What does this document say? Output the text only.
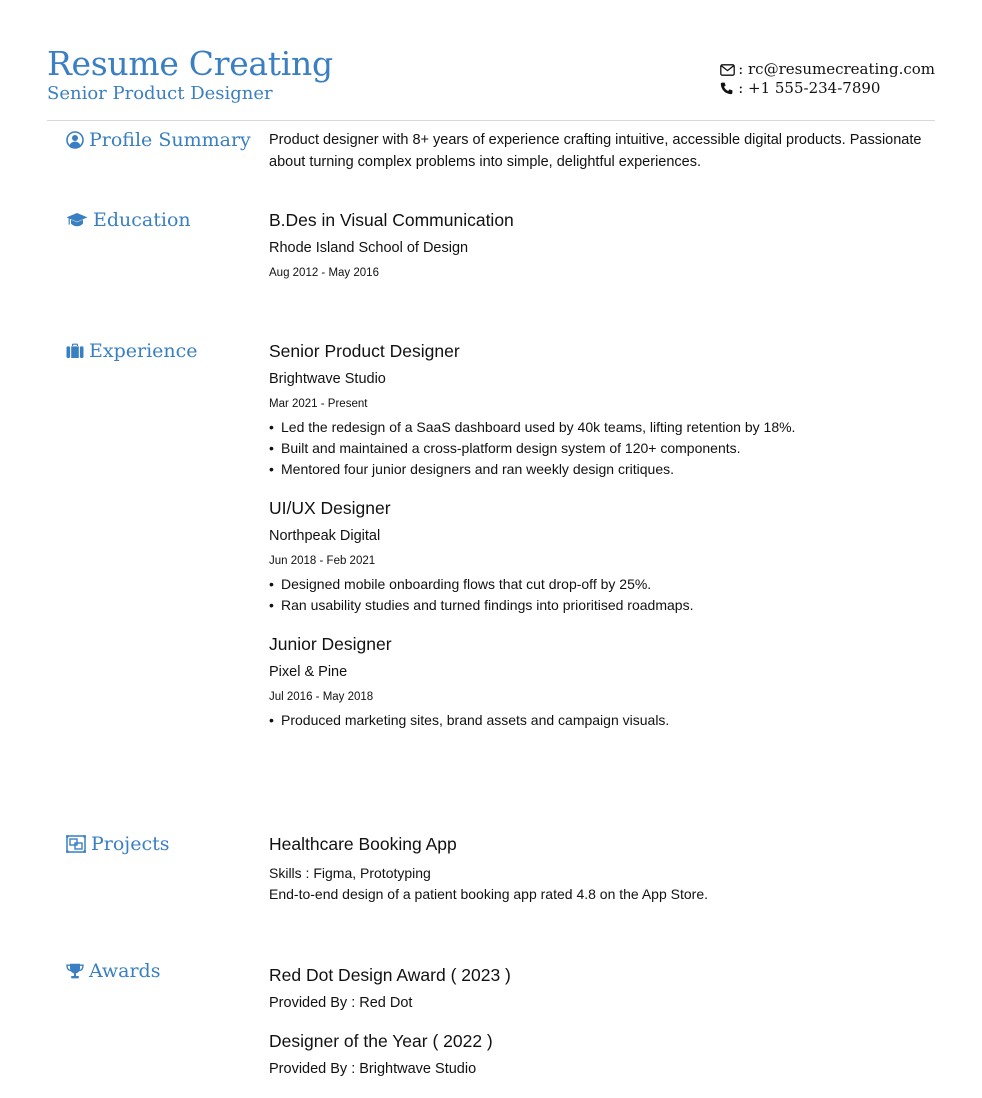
Resume Creating
Senior Product Designer
: rc@resumecreating.com
: +1 555-234-7890
Profile Summary Product designer with 8+ years of experience crafting intuitive, accessible digital products. Passionate about turning complex problems into simple, delightful experiences.
Education	B.Des in Visual Communication
Rhode Island School of Design
Aug 2012 - May 2016
Experience	Senior Product Designer
Brightwave Studio
Mar 2021 - Present
• Led the redesign of a SaaS dashboard used by 40k teams, lifting retention by 18%.
• Built and maintained a cross-platform design system of 120+ components.
• Mentored four junior designers and ran weekly design critiques.
UI/UX Designer
Northpeak Digital
Jun 2018 - Feb 2021
• Designed mobile onboarding flows that cut drop-off by 25%.
• Ran usability studies and turned findings into prioritised roadmaps.
Junior Designer
Pixel & Pine
Jul 2016 - May 2018
• Produced marketing sites, brand assets and campaign visuals.
Projects	Healthcare Booking App
Skills : Figma, Prototyping
End-to-end design of a patient booking app rated 4.8 on the App Store.
Awards	Red Dot Design Award ( 2023 )
Provided By : Red Dot
Designer of the Year ( 2022 )
Provided By : Brightwave Studio
